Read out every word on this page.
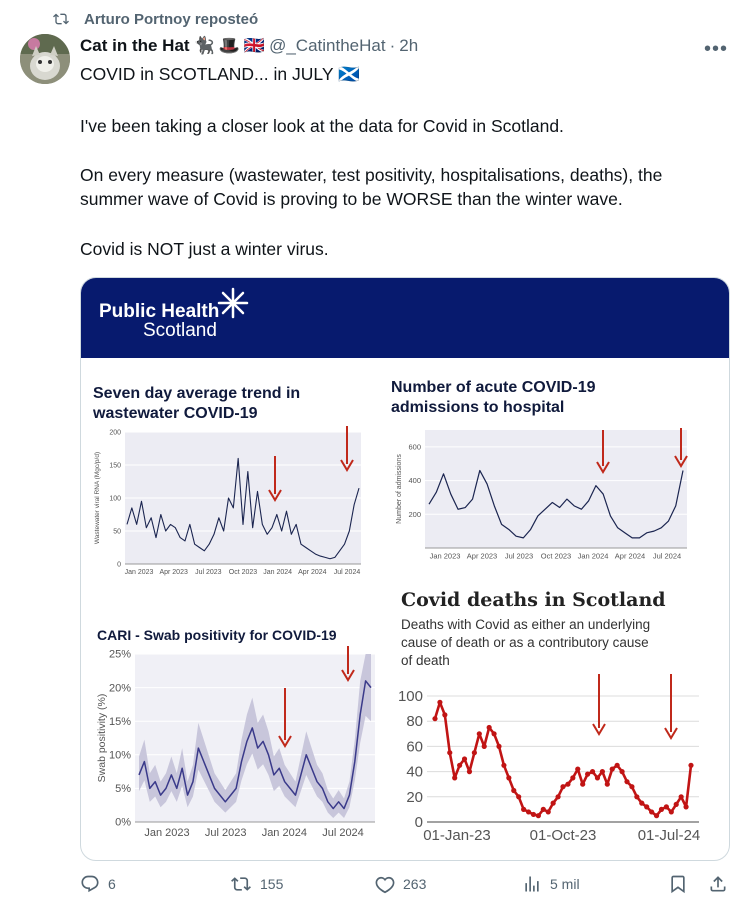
Arturo Portnoy reposteó
Cat in the Hat 🐈‍⬛ 🎩 🇬🇧 @_CatintheHat · 2h	•••
COVID in SCOTLAND... in JULY 🏴󠁧󠁢󠁳󠁣󠁴󠁿
I've been taking a closer look at the data for Covid in Scotland.
On every measure (wastewater, test positivity, hospitalisations, deaths), the
summer wave of Covid is proving to be WORSE than the winter wave.
Covid is NOT just a winter virus.
Public Health
Scotland
Seven day average trend in
wastewater COVID-19
Number of acute COVID-19
admissions to hospital
CARI - Swab positivity for COVID-19
Covid deaths in Scotland
Deaths with Covid as either an underlying
cause of death or as a contributory cause
of death
0
50
100
150
200
Jan 2023 Apr 2023 Jul 2023 Oct 2023 Jan 2024 Apr 2024 Jul 2024
Wastewater viral RNA (Mgc/p/d)	200
400
600
Jan 2023 Apr 2023 Jul 2023 Oct 2023 Jan 2024 Apr 2024 Jul 2024
Number of admissions
0%
5%
10%
15%
20%
25%
Jan 2023 Jul 2023 Jan 2024 Jul 2024
Swab positivity (%)
0
20
40
60
80
100
01-Jan-23	01-Oct-23	01-Jul-24
6	155	263	5 mil
